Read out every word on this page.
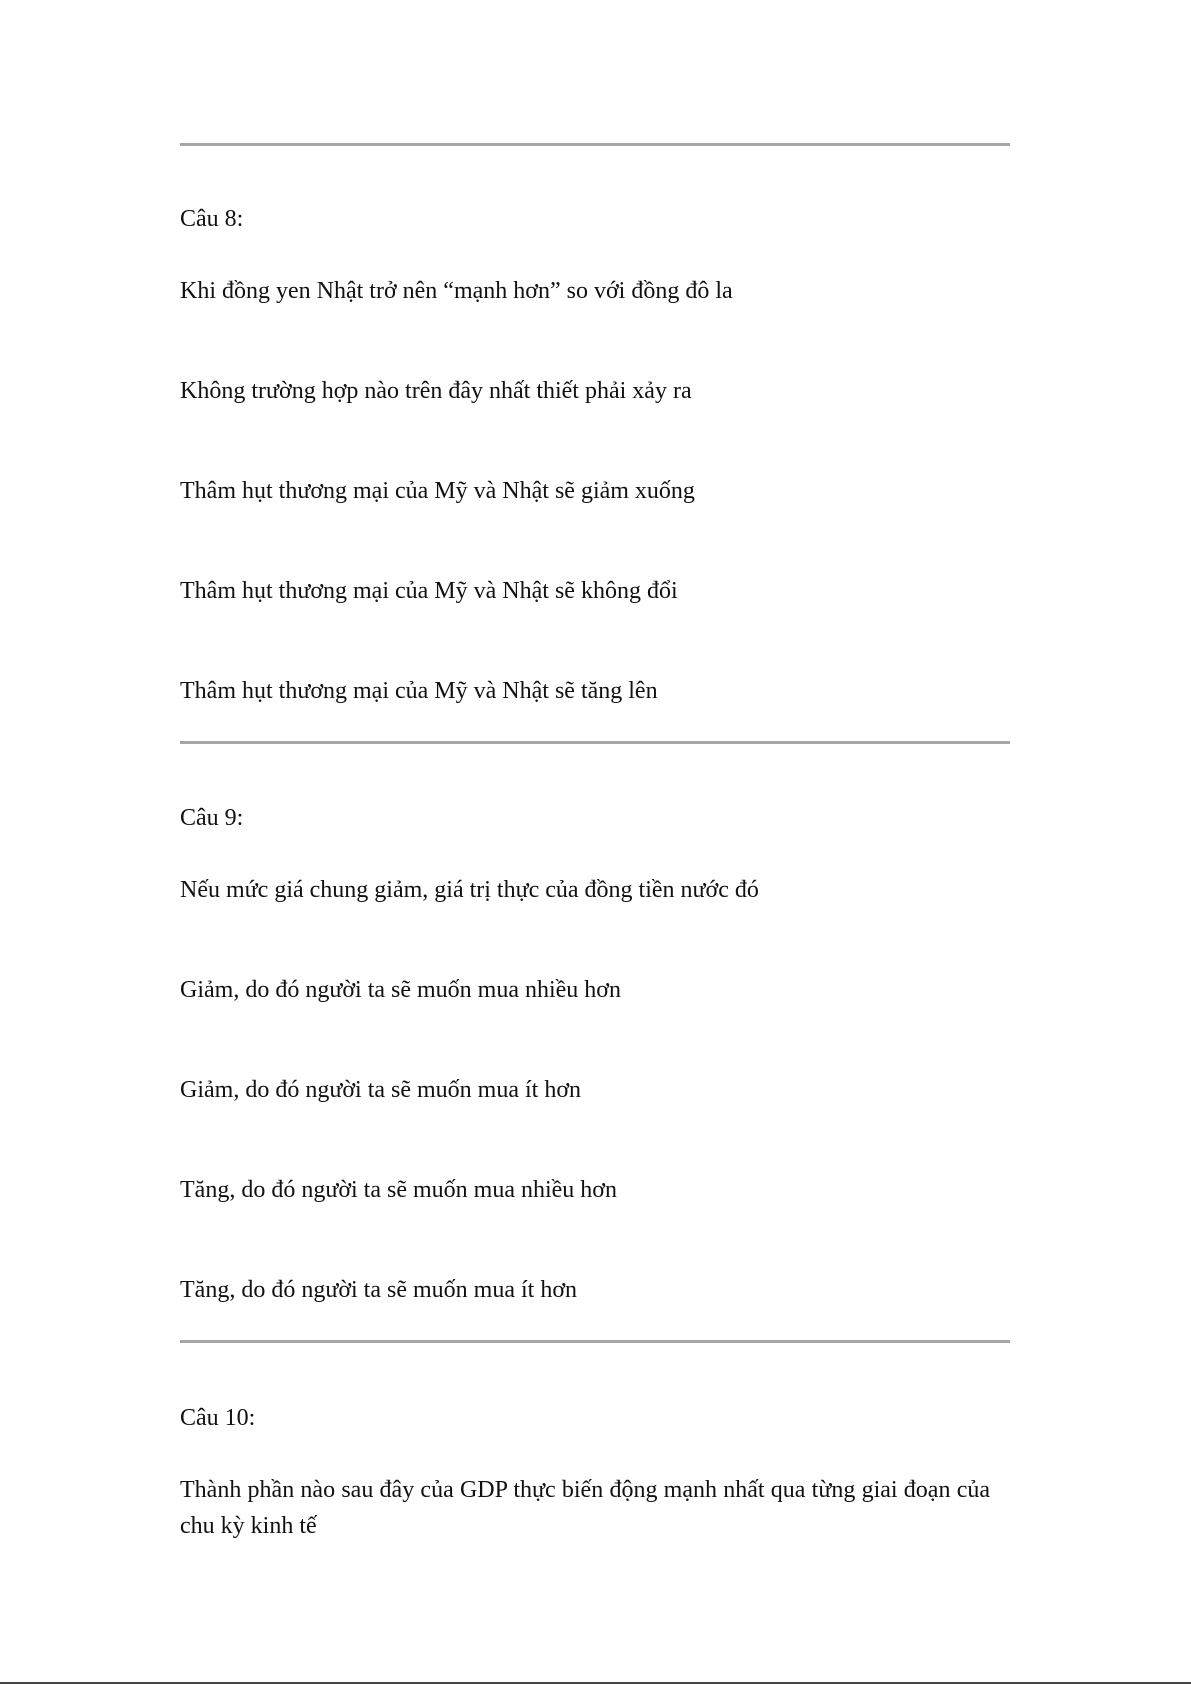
Câu 8:
Khi đồng yen Nhật trở nên “mạnh hơn” so với đồng đô la
Không trường hợp nào trên đây nhất thiết phải xảy ra
Thâm hụt thương mại của Mỹ và Nhật sẽ giảm xuống
Thâm hụt thương mại của Mỹ và Nhật sẽ không đổi
Thâm hụt thương mại của Mỹ và Nhật sẽ tăng lên
Câu 9:
Nếu mức giá chung giảm, giá trị thực của đồng tiền nước đó
Giảm, do đó người ta sẽ muốn mua nhiều hơn
Giảm, do đó người ta sẽ muốn mua ít hơn
Tăng, do đó người ta sẽ muốn mua nhiều hơn
Tăng, do đó người ta sẽ muốn mua ít hơn
Câu 10:
Thành phần nào sau đây của GDP thực biến động mạnh nhất qua từng giai đoạn của chu kỳ kinh tế
